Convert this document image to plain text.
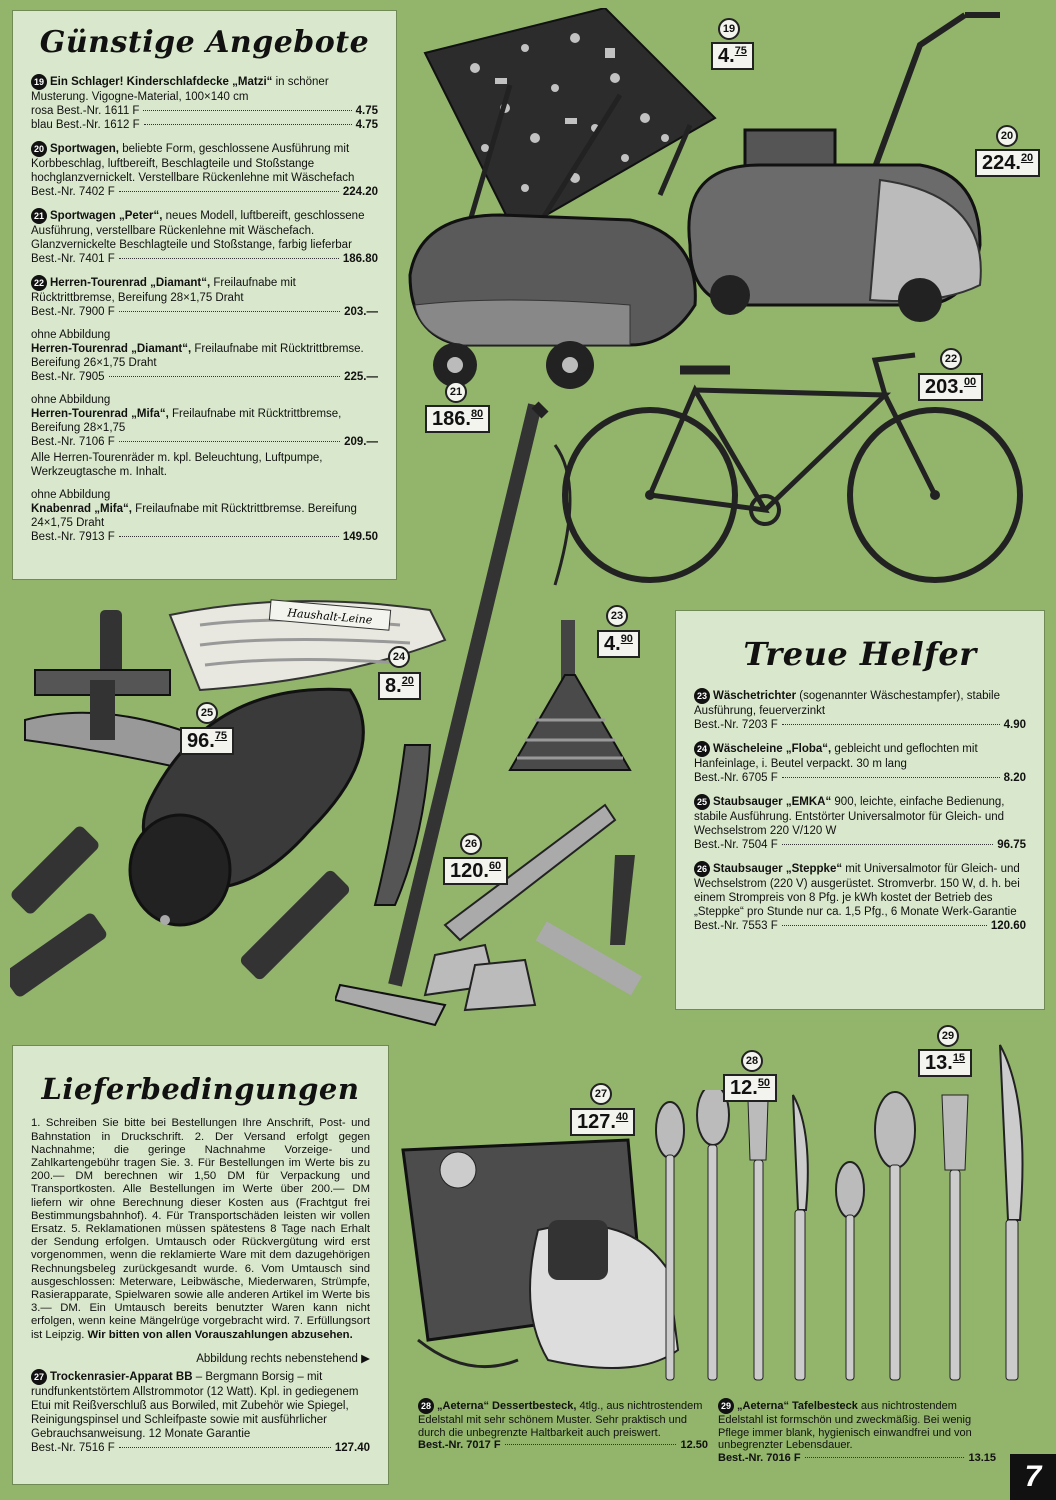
Haushalt-Leine
19
4.75
20
224.20
21
186.80
22
203.00
23
4.90
24
8.20
25
96.75
26
120.60
27
127.40
28
12.50
29
13.15
Günstige Angebote
19 Ein Schlager! Kinderschlafdecke „Matzi“ in schöner Musterung. Vigogne-Material, 100×140 cm
rosa Best.-Nr. 1611 F	4.75
blau Best.-Nr. 1612 F	4.75
20 Sportwagen, beliebte Form, geschlossene Ausführung mit Korbbeschlag, luftbereift, Beschlagteile und Stoßstange hochglanzvernickelt. Verstellbare Rückenlehne mit Wäschefach
Best.-Nr. 7402 F	224.20
21 Sportwagen „Peter“, neues Modell, luftbereift, geschlossene Ausführung, verstellbare Rückenlehne mit Wäschefach. Glanzvernickelte Beschlagteile und Stoßstange, farbig lieferbar
Best.-Nr. 7401 F	186.80
22 Herren-Tourenrad „Diamant“, Freilaufnabe mit Rücktrittbremse, Bereifung 28×1,75 Draht
Best.-Nr. 7900 F	203.—
ohne Abbildung
Herren-Tourenrad „Diamant“, Freilaufnabe mit Rücktrittbremse. Bereifung 26×1,75 Draht
Best.-Nr. 7905	225.—
ohne Abbildung
Herren-Tourenrad „Mifa“, Freilaufnabe mit Rücktrittbremse, Bereifung 28×1,75
Best.-Nr. 7106 F	209.—
Alle Herren-Tourenräder m. kpl. Beleuchtung, Luftpumpe, Werkzeugtasche m. Inhalt.
ohne Abbildung
Knabenrad „Mifa“, Freilaufnabe mit Rücktrittbremse. Bereifung 24×1,75 Draht
Best.-Nr. 7913 F	149.50
Treue Helfer
23 Wäschetrichter (sogenannter Wäschestampfer), stabile Ausführung, feuerverzinkt
Best.-Nr. 7203 F	4.90
24 Wäscheleine „Floba“, gebleicht und geflochten mit Hanfeinlage, i. Beutel verpackt. 30 m lang
Best.-Nr. 6705 F	8.20
25 Staubsauger „EMKA“ 900, leichte, einfache Bedienung, stabile Ausführung. Entstörter Universalmotor für Gleich- und Wechselstrom 220 V/120 W
Best.-Nr. 7504 F	96.75
26 Staubsauger „Steppke“ mit Universalmotor für Gleich- und Wechselstrom (220 V) ausgerüstet. Stromverbr. 150 W, d. h. bei einem Strompreis von 8 Pfg. je kWh kostet der Betrieb des „Steppke“ pro Stunde nur ca. 1,5 Pfg., 6 Monate Werk-Garantie
Best.-Nr. 7553 F	120.60
Lieferbedingungen
1. Schreiben Sie bitte bei Bestellungen Ihre Anschrift, Post- und Bahnstation in Druckschrift. 2. Der Versand erfolgt gegen Nachnahme; die geringe Nachnahme Vorzeige- und Zahlkartengebühr tragen Sie. 3. Für Bestellungen im Werte bis zu 200.— DM berechnen wir 1,50 DM für Verpackung und Transportkosten. Alle Bestellungen im Werte über 200.— DM liefern wir ohne Berechnung dieser Kosten aus (Frachtgut frei Bestimmungsbahnhof). 4. Für Transportschäden leisten wir vollen Ersatz. 5. Reklamationen müssen spätestens 8 Tage nach Erhalt der Sendung erfolgen. Umtausch oder Rückvergütung wird erst vorgenommen, wenn die reklamierte Ware mit dem dazugehörigen Rechnungsbeleg zurückgesandt wurde. 6. Vom Umtausch sind ausgeschlossen: Meterware, Leibwäsche, Miederwaren, Strümpfe, Rasierapparate, Spielwaren sowie alle anderen Artikel im Werte bis 3.— DM. Ein Umtausch bereits benutzter Waren kann nicht erfolgen, wenn keine Mängelrüge vorgebracht wird. 7. Erfüllungsort ist Leipzig. Wir bitten von allen Vorauszahlungen abzusehen.
Abbildung rechts nebenstehend ▶
27 Trockenrasier-Apparat BB – Bergmann Borsig – mit rundfunkentstörtem Allstrommotor (12 Watt). Kpl. in gediegenem Etui mit Reißverschluß aus Borwiled, mit Zubehör wie Spiegel, Reinigungspinsel und Schleifpaste sowie mit ausführlicher Gebrauchsanweisung. 12 Monate Garantie
Best.-Nr. 7516 F	127.40
28 „Aeterna“ Dessertbesteck, 4tlg., aus nichtrostendem Edelstahl mit sehr schönem Muster. Sehr praktisch und durch die unbegrenzte Haltbarkeit auch preiswert.
Best.-Nr. 7017 F	12.50
29 „Aeterna“ Tafelbesteck aus nichtrostendem Edelstahl ist formschön und zweckmäßig. Bei wenig Pflege immer blank, hygienisch einwandfrei und von unbegrenzter Lebensdauer.
Best.-Nr. 7016 F	13.15
7
